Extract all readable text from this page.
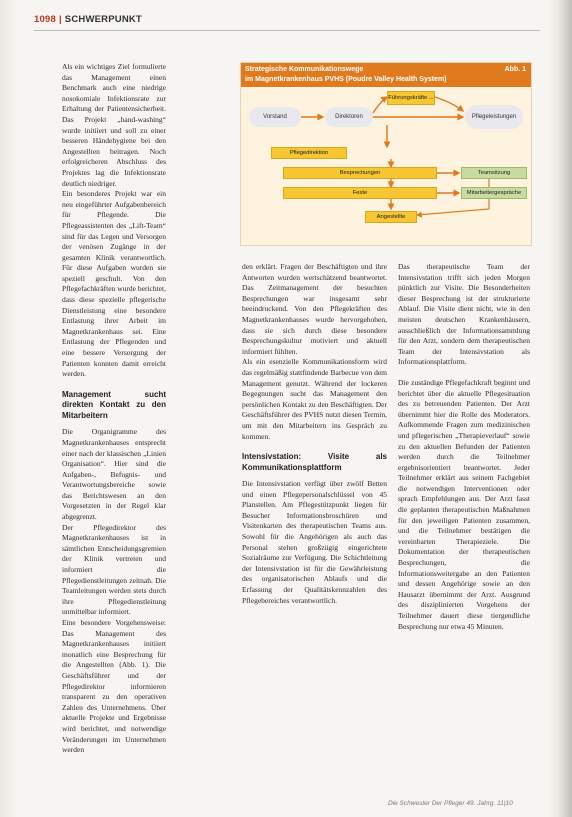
1098 | SCHWERPUNKT

Als ein wichtiges Ziel formulierte das Management einen Benchmark auch eine niedrige nosokomiale Infektionsrate zur Erhaltung der Patientensicherheit. Das Projekt „hand-washing“ wurde initiiert und soll zu einer besseren Händehygiene bei den Angestellten beitragen. Noch erfolgreicheren Abschluss des Projektes lag die Infektionsrate deutlich niedriger.

Ein besonderes Projekt war ein neu eingeführter Aufgabenbereich für Pflegende. Die Pflegeassistenten des „Lift-Team“ sind für das Legen und Versorgen der venösen Zugänge in der gesamten Klinik verantwortlich. Für diese Aufgaben wurden sie speziell geschult. Von den Pflegefachkräften wurde berichtet, dass diese spezielle pflegerische Dienstleistung eine besondere Entlastung ihrer Arbeit im Magnetkrankenhaus sei. Eine Entlastung der Pflegenden und eine bessere Versorgung der Patienten konnten damit erreicht werden.

Management sucht direkten Kontakt zu den Mitarbeitern

Die Organigramme des Magnetkrankenhauses entsprecht einer nach der klassischen „Linien Organisation“. Hier sind die Aufgaben-, Befugnis- und Verantwortungsbereiche sowie das Berichtswesen an den Vorgesetzten in der Regel klar abgegrenzt.

Der Pflegedirektor des Magnetkrankenhauses ist in sämtlichen Entscheidungsgremien der Klinik vertreten und informiert die Pflegedienstleitungen zeitnah. Die Teamleitungen werden stets durch ihre Pflegedienstleitung unmittelbar informiert.

Eine besondere Vorgehensweise: Das Management des Magnetkrankenhauses initiiert monatlich eine Besprechung für die Angestellten (Abb. 1). Die Geschäftsführer und der Pflegedirektor informieren transparent zu den operativen Zahlen des Unternehmens. Über aktuelle Projekte und Ergebnisse wird berichtet, und notwendige Veränderungen im Unternehmen werden

Strategische Kommunikationswege
im Magnetkrankenhaus PVHS (Poudre Valley Health System)
Abb. 1
Vorstand	Direktoren
Führungskräfte ...
Pflegeleistungen
Pflegedirektion
Besprechungen
Feste
Teamsitzung
Mitarbeitergespräche
Angestellte

den erklärt. Fragen der Beschäftigten und ihre Antworten wurden wertschätzend beantwortet. Das Zeitmanagement der besuchten Besprechungen war insgesamt sehr beeindruckend. Von den Pflegekräften des Magnetkrankenhauses wurde hervorgehoben, dass sie sich durch diese besondere Besprechungskultur motiviert und aktuell informiert fühlten.

Als ein esenzielle Kommunikationsform wird das regelmäßig stattfindende Barbecue von dem Management genutzt. Während der lockeren Begegnungen sucht das Management den persönlichen Kontakt zu den Beschäftigten. Der Geschäftsführer des PVHS nutzt diesen Termin, um mit den Mitarbeitern ins Gespräch zu kommen.

Intensivstation: Visite als Kommunikationsplattform

Die Intensivstation verfügt über zwölf Betten und einen Pflegepersonalschlüssel von 45 Planstellen. Am Pflegestützpunkt liegen für Besucher Informationsbroschüren und Visitenkarten des therapeutischen Teams aus. Sowohl für die Angehörigen als auch das Personal stehen großzügig eingerichtete Sozialräume zur Verfügung. Die Schichtleitung der Intensivstation ist für die Gewährleistung des organisatorischen Ablaufs und die Erfassung der Qualitätskennzahlen des Pflegebereiches verantwortlich.

Das therapeutische Team der Intensivstation trifft sich jeden Morgen pünktlich zur Visite. Die Besonderheiten dieser Besprechung ist der strukturierte Ablauf. Die Visite dient nicht, wie in den meisten deutschen Krankenhäusern, ausschließlich der Informationsammlung für den Arzt, sondern dem therapeutischen Team der Intensivstation als Informationsplattform.

Die zuständige Pflegefachkraft beginnt und berichtet über die aktuelle Pflegesituation des zu betreuenden Patienten. Der Arzt übernimmt hier die Rolle des Moderators. Aufkommende Fragen zum medizinischen und pflegerischen „Therapieverlauf“ sowie zu den aktuellen Befunden der Patienten werden durch die Teilnehmer ergebnisorientiert beantwortet. Jeder Teilnehmer erklärt aus seinem Fachgebiet die notwendigen Interventionen oder sprach Empfehlungen aus. Der Arzt fasst die geplanten therapeutischen Maßnahmen für den jeweiligen Patienten zusammen, und die Teilnehmer bestätigen die vereinbarten Therapieziele. Die Dokumentation der therapeutischen Besprechungen, die Informationsweitergabe an den Patienten und dessen Angehörige sowie an den Hausarzt übernimmt der Arzt. Ausgrund des disziplinierten Vorgehens der Teilnehmer dauert diese tiergendliche Besprechung nur etwa 45 Minuten.

Die Schwester Der Pfleger 49. Jahrg. 11|10
